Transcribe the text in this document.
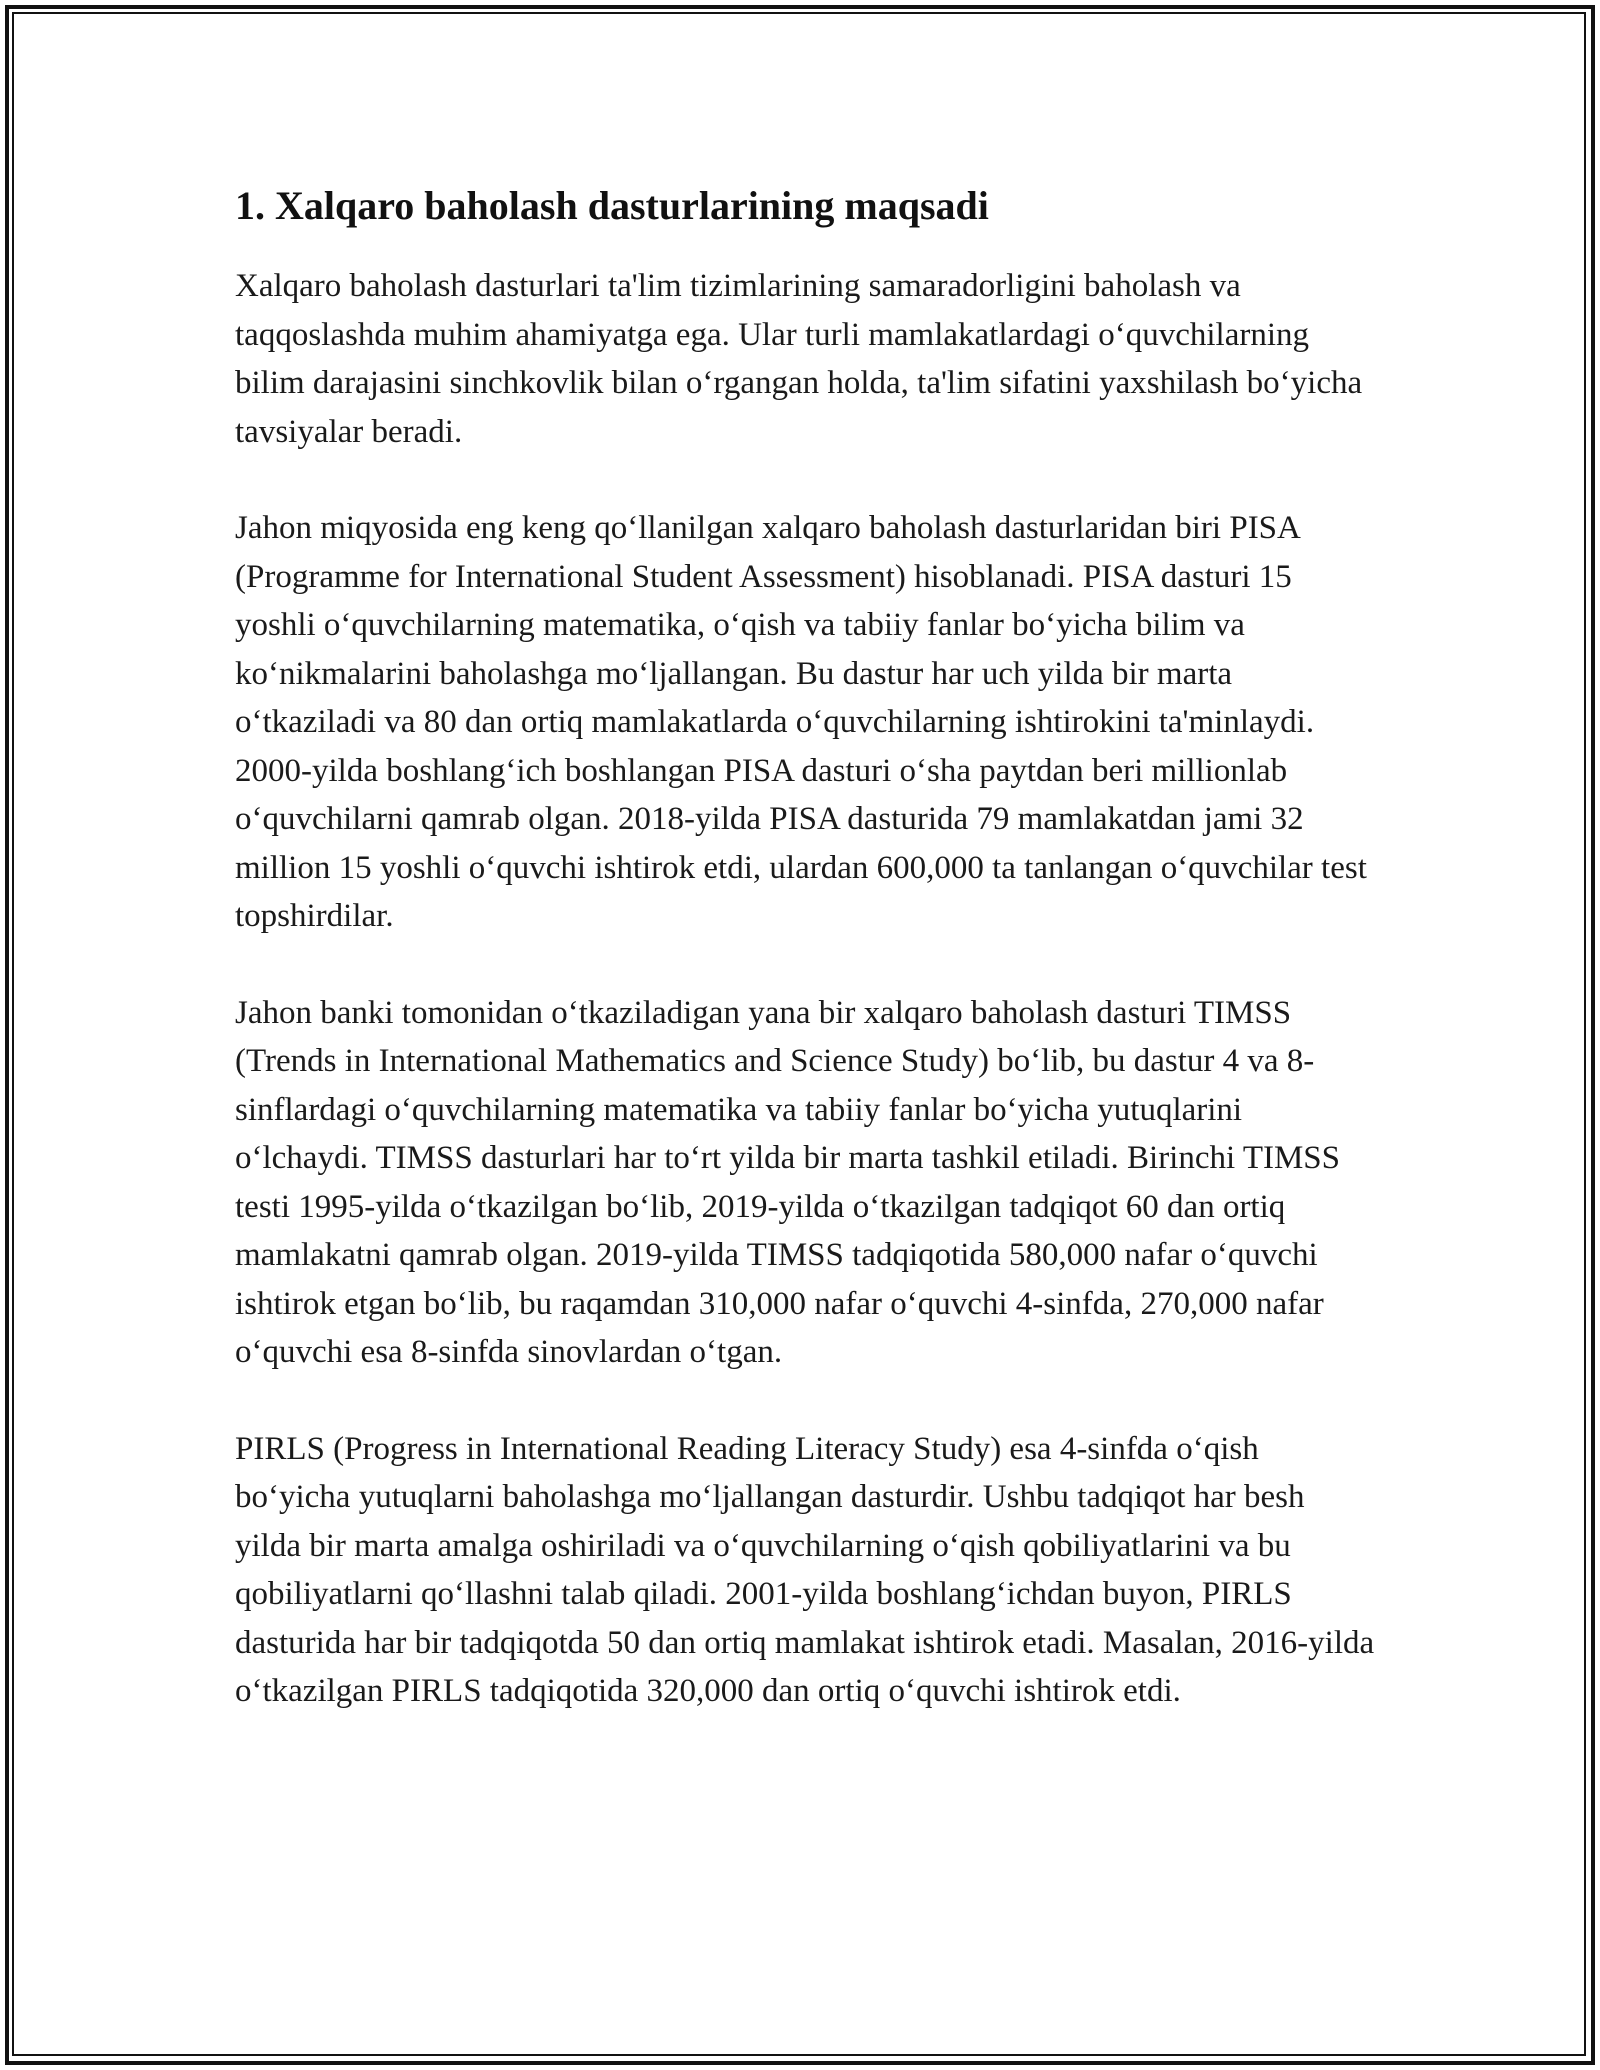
1. Xalqaro baholash dasturlarining maqsadi

Xalqaro baholash dasturlari ta'lim tizimlarining samaradorligini baholash va taqqoslashda muhim ahamiyatga ega. Ular turli mamlakatlardagi o‘quvchilarning bilim darajasini sinchkovlik bilan o‘rgangan holda, ta'lim sifatini yaxshilash bo‘yicha tavsiyalar beradi.

Jahon miqyosida eng keng qo‘llanilgan xalqaro baholash dasturlaridan biri PISA (Programme for International Student Assessment) hisoblanadi. PISA dasturi 15 yoshli o‘quvchilarning matematika, o‘qish va tabiiy fanlar bo‘yicha bilim va ko‘nikmalarini baholashga mo‘ljallangan. Bu dastur har uch yilda bir marta o‘tkaziladi va 80 dan ortiq mamlakatlarda o‘quvchilarning ishtirokini ta'minlaydi. 2000-yilda boshlang‘ich boshlangan PISA dasturi o‘sha paytdan beri millionlab o‘quvchilarni qamrab olgan. 2018-yilda PISA dasturida 79 mamlakatdan jami 32 million 15 yoshli o‘quvchi ishtirok etdi, ulardan 600,000 ta tanlangan o‘quvchilar test topshirdilar.

Jahon banki tomonidan o‘tkaziladigan yana bir xalqaro baholash dasturi TIMSS (Trends in International Mathematics and Science Study) bo‘lib, bu dastur 4 va 8-sinflardagi o‘quvchilarning matematika va tabiiy fanlar bo‘yicha yutuqlarini o‘lchaydi. TIMSS dasturlari har to‘rt yilda bir marta tashkil etiladi. Birinchi TIMSS testi 1995-yilda o‘tkazilgan bo‘lib, 2019-yilda o‘tkazilgan tadqiqot 60 dan ortiq mamlakatni qamrab olgan. 2019-yilda TIMSS tadqiqotida 580,000 nafar o‘quvchi ishtirok etgan bo‘lib, bu raqamdan 310,000 nafar o‘quvchi 4-sinfda, 270,000 nafar o‘quvchi esa 8-sinfda sinovlardan o‘tgan.

PIRLS (Progress in International Reading Literacy Study) esa 4-sinfda o‘qish bo‘yicha yutuqlarni baholashga mo‘ljallangan dasturdir. Ushbu tadqiqot har besh yilda bir marta amalga oshiriladi va o‘quvchilarning o‘qish qobiliyatlarini va bu qobiliyatlarni qo‘llashni talab qiladi. 2001-yilda boshlang‘ichdan buyon, PIRLS dasturida har bir tadqiqotda 50 dan ortiq mamlakat ishtirok etadi. Masalan, 2016-yilda o‘tkazilgan PIRLS tadqiqotida 320,000 dan ortiq o‘quvchi ishtirok etdi.
